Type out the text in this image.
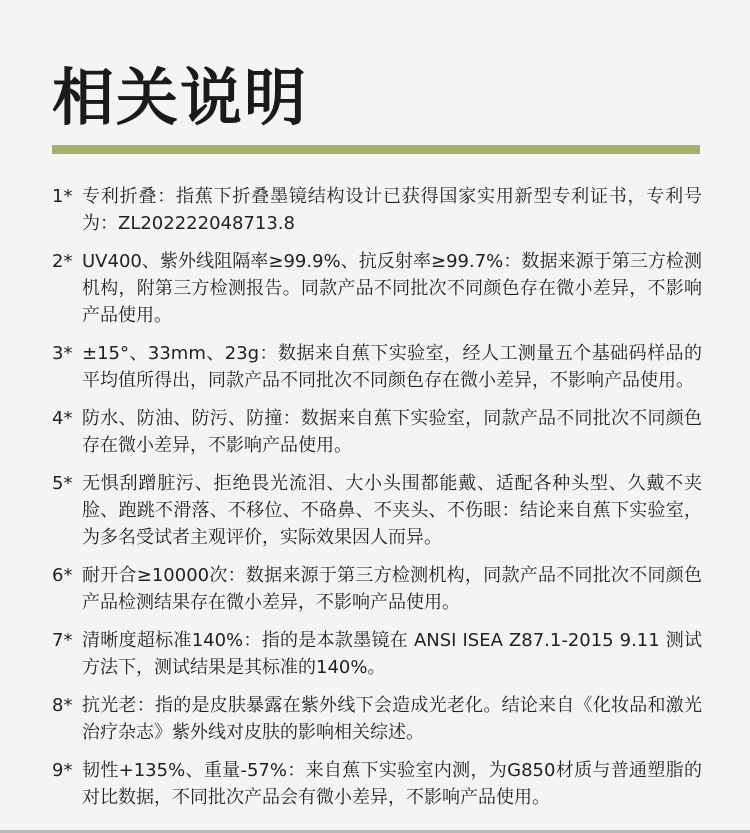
相关说明
1* 专利折叠：指蕉下折叠墨镜结构设计已获得国家实用新型专利证书，专利号为：ZL202222048713.8
2* UV400、紫外线阻隔率≥99.9%、抗反射率≥99.7%：数据来源于第三方检测机构，附第三方检测报告。同款产品不同批次不同颜色存在微小差异，不影响产品使用。
3* ±15°、33mm、23g：数据来自蕉下实验室，经人工测量五个基础码样品的平均值所得出，同款产品不同批次不同颜色存在微小差异，不影响产品使用。
4* 防水、防油、防污、防撞：数据来自蕉下实验室，同款产品不同批次不同颜色存在微小差异，不影响产品使用。
5* 无惧刮蹭脏污、拒绝畏光流泪、大小头围都能戴、适配各种头型、久戴不夹脸、跑跳不滑落、不移位、不硌鼻、不夹头、不伤眼：结论来自蕉下实验室，为多名受试者主观评价，实际效果因人而异。
6* 耐开合≥10000次：数据来源于第三方检测机构，同款产品不同批次不同颜色产品检测结果存在微小差异，不影响产品使用。
7* 清晰度超标准140%：指的是本款墨镜在 ANSI ISEA Z87.1-2015 9.11 测试方法下，测试结果是其标准的140%。
8* 抗光老：指的是皮肤暴露在紫外线下会造成光老化。结论来自《化妆品和激光治疗杂志》紫外线对皮肤的影响相关综述。
9* 韧性+135%、重量-57%：来自蕉下实验室内测，为G850材质与普通塑脂的对比数据，不同批次产品会有微小差异，不影响产品使用。
